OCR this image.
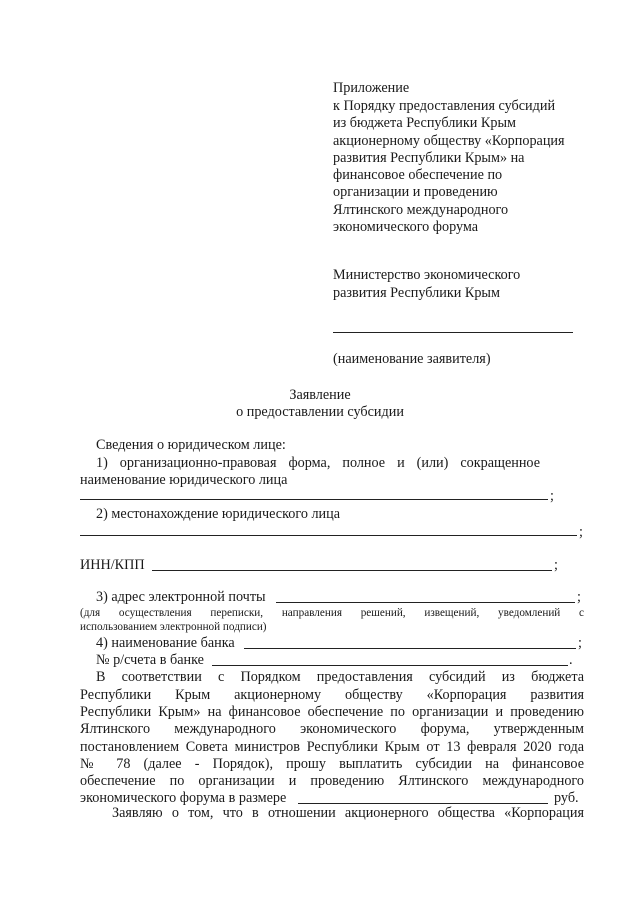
Приложение
к Порядку предоставления субсидий
из бюджета Республики Крым
акционерному обществу «Корпорация
развития Республики Крым» на
финансовое обеспечение по
организации и проведению
Ялтинского международного
экономического форума
Министерство экономического
развития Республики Крым
(наименование заявителя)
Заявление
о предоставлении субсидии
Сведения о юридическом лице:
1) организационно-правовая форма, полное и (или) сокращенное
наименование юридического лица
;
2) местонахождение юридического лица
;
ИНН/КПП	;
3) адрес электронной почты	;
(для осуществления переписки, направления решений, извещений, уведомлений с
использованием электронной подписи)
4) наименование банка	;
№ р/счета в банке	.
В соответствии с Порядком предоставления субсидий из бюджета
Республики Крым акционерному обществу «Корпорация развития
Республики Крым» на финансовое обеспечение по организации и проведению
Ялтинского международного экономического форума, утвержденным
постановлением Совета министров Республики Крым от 13 февраля 2020 года
№ 78 (далее - Порядок), прошу выплатить субсидии на финансовое
обеспечение по организации и проведению Ялтинского международного
экономического форума в размере	руб.
Заявляю о том, что в отношении акционерного общества «Корпорация
